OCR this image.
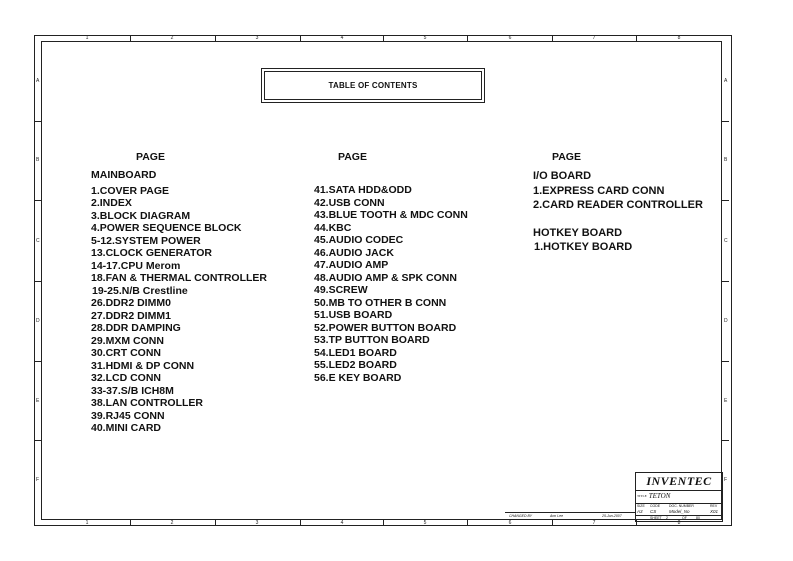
1	2	3	4	5	6	7	8
1	2	3	4	5	6	7	8
A
B
C
D
E
F
A
B
C
D
E
F
TABLE OF CONTENTS
PAGE
MAINBOARD
1.COVER PAGE
2.INDEX
3.BLOCK DIAGRAM
4.POWER SEQUENCE BLOCK
5-12.SYSTEM POWER
13.CLOCK GENERATOR
14-17.CPU Merom
18.FAN & THERMAL CONTROLLER
19-25.N/B Crestline
26.DDR2 DIMM0
27.DDR2 DIMM1
28.DDR DAMPING
29.MXM CONN
30.CRT CONN
31.HDMI & DP CONN
32.LCD CONN
33-37.S/B ICH8M
38.LAN CONTROLLER
39.RJ45 CONN
40.MINI CARD
PAGE
41.SATA HDD&ODD
42.USB CONN
43.BLUE TOOTH & MDC CONN
44.KBC
45.AUDIO CODEC
46.AUDIO JACK
47.AUDIO AMP
48.AUDIO AMP & SPK CONN
49.SCREW
50.MB TO OTHER B CONN
51.USB BOARD
52.POWER BUTTON BOARD
53.TP BUTTON BOARD
54.LED1 BOARD
55.LED2 BOARD
56.E KEY BOARD
PAGE
I/O BOARD
1.EXPRESS CARD CONN
2.CARD READER CONTROLLER
HOTKEY BOARD
1.HOTKEY BOARD
CHANGED BY	Ann Lee	25-Jun-2007
INVENTEC
$^{TITLE}$ TETON
SIZE CODE	DOC. NUMBER	REV
A3 CS	Model_No	X01
SHEET 2	OF	80
